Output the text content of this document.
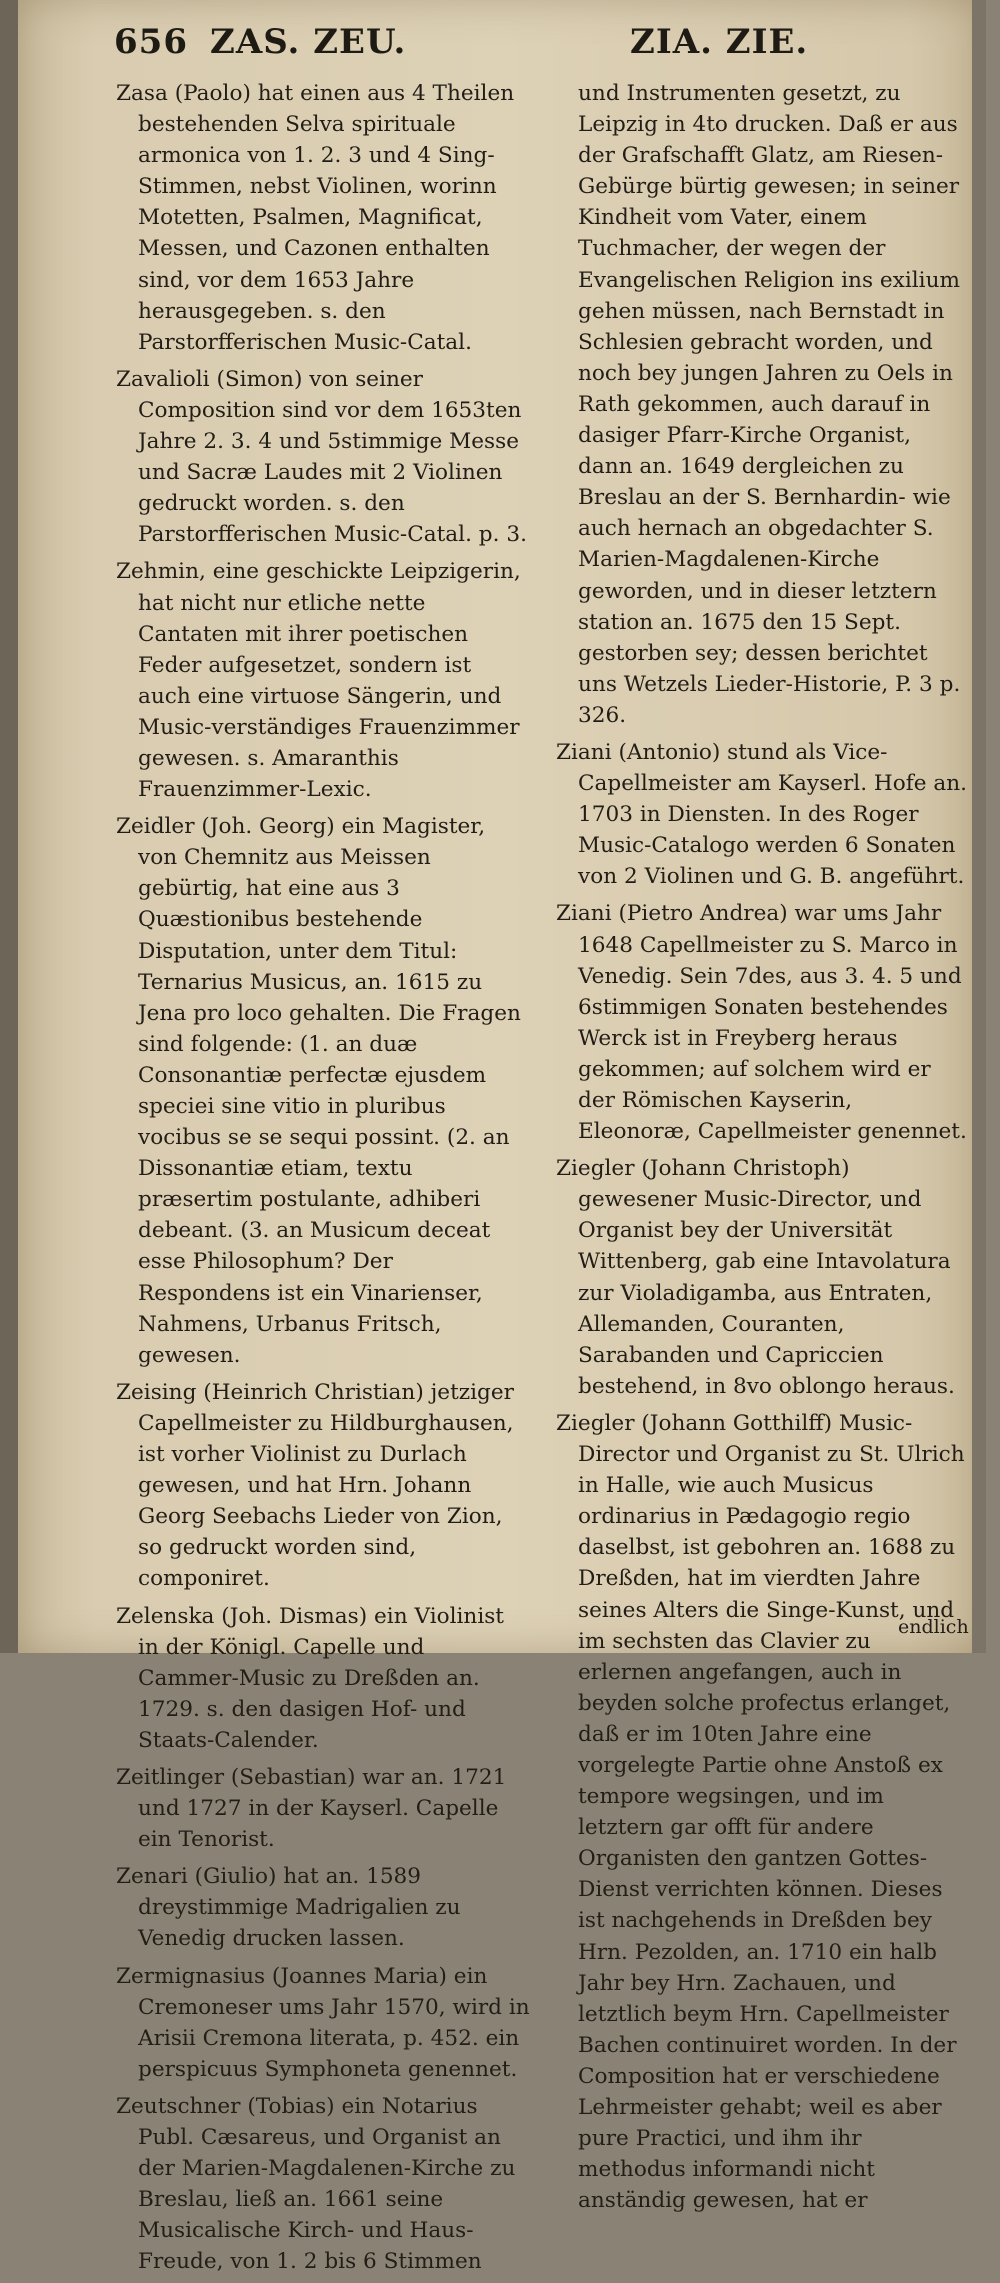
656 ZAS. ZEU.	ZIA. ZIE.

Zasa (Paolo) hat einen aus 4 Theilen bestehenden Selva spirituale armonica von 1. 2. 3 und 4 Sing-Stimmen, nebst Violinen, worinn Motetten, Psalmen, Magnificat, Messen, und Cazonen enthalten sind, vor dem 1653 Jahre herausgegeben. s. den Parstorfferischen Music-Catal.

Zavalioli (Simon) von seiner Composition sind vor dem 1653ten Jahre 2. 3. 4 und 5stimmige Messe und Sacræ Laudes mit 2 Violinen gedruckt worden. s. den Parstorfferischen Music-Catal. p. 3.

Zehmin, eine geschickte Leipzigerin, hat nicht nur etliche nette Cantaten mit ihrer poetischen Feder aufgesetzet, sondern ist auch eine virtuose Sängerin, und Music-verständiges Frauenzimmer gewesen. s. Amaranthis Frauenzimmer-Lexic.

Zeidler (Joh. Georg) ein Magister, von Chemnitz aus Meissen gebürtig, hat eine aus 3 Quæstionibus bestehende Disputation, unter dem Titul: Ternarius Musicus, an. 1615 zu Jena pro loco gehalten. Die Fragen sind folgende: (1. an duæ Consonantiæ perfectæ ejusdem speciei sine vitio in pluribus vocibus se se sequi possint. (2. an Dissonantiæ etiam, textu præsertim postulante, adhiberi debeant. (3. an Musicum deceat esse Philosophum? Der Respondens ist ein Vinarienser, Nahmens, Urbanus Fritsch, gewesen.

Zeising (Heinrich Christian) jetziger Capellmeister zu Hildburghausen, ist vorher Violinist zu Durlach gewesen, und hat Hrn. Johann Georg Seebachs Lieder von Zion, so gedruckt worden sind, componiret.

Zelenska (Joh. Dismas) ein Violinist in der Königl. Capelle und Cammer-Music zu Dreßden an. 1729. s. den dasigen Hof- und Staats-Calender.

Zeitlinger (Sebastian) war an. 1721 und 1727 in der Kayserl. Capelle ein Tenorist.

Zenari (Giulio) hat an. 1589 dreystimmige Madrigalien zu Venedig drucken lassen.

Zermignasius (Joannes Maria) ein Cremoneser ums Jahr 1570, wird in Arisii Cremona literata, p. 452. ein perspicuus Symphoneta genennet.

Zeutschner (Tobias) ein Notarius Publ. Cæsareus, und Organist an der Marien-Magdalenen-Kirche zu Breslau, ließ an. 1661 seine Musicalische Kirch- und Haus-Freude, von 1. 2 bis 6 Stimmen

und Instrumenten gesetzt, zu Leipzig in 4to drucken. Daß er aus der Grafschafft Glatz, am Riesen-Gebürge bürtig gewesen; in seiner Kindheit vom Vater, einem Tuchmacher, der wegen der Evangelischen Religion ins exilium gehen müssen, nach Bernstadt in Schlesien gebracht worden, und noch bey jungen Jahren zu Oels in Rath gekommen, auch darauf in dasiger Pfarr-Kirche Organist, dann an. 1649 dergleichen zu Breslau an der S. Bernhardin- wie auch hernach an obgedachter S. Marien-Magdalenen-Kirche geworden, und in dieser letztern station an. 1675 den 15 Sept. gestorben sey; dessen berichtet uns Wetzels Lieder-Historie, P. 3 p. 326.

Ziani (Antonio) stund als Vice-Capellmeister am Kayserl. Hofe an. 1703 in Diensten. In des Roger Music-Catalogo werden 6 Sonaten von 2 Violinen und G. B. angeführt.

Ziani (Pietro Andrea) war ums Jahr 1648 Capellmeister zu S. Marco in Venedig. Sein 7des, aus 3. 4. 5 und 6stimmigen Sonaten bestehendes Werck ist in Freyberg heraus gekommen; auf solchem wird er der Römischen Kayserin, Eleonoræ, Capellmeister genennet.

Ziegler (Johann Christoph) gewesener Music-Director, und Organist bey der Universität Wittenberg, gab eine Intavolatura zur Violadigamba, aus Entraten, Allemanden, Couranten, Sarabanden und Capriccien bestehend, in 8vo oblongo heraus.

Ziegler (Johann Gotthilff) Music-Director und Organist zu St. Ulrich in Halle, wie auch Musicus ordinarius in Pædagogio regio daselbst, ist gebohren an. 1688 zu Dreßden, hat im vierdten Jahre seines Alters die Singe-Kunst, und im sechsten das Clavier zu erlernen angefangen, auch in beyden solche profectus erlanget, daß er im 10ten Jahre eine vorgelegte Partie ohne Anstoß ex tempore wegsingen, und im letztern gar offt für andere Organisten den gantzen Gottes-Dienst verrichten können. Dieses ist nachgehends in Dreßden bey Hrn. Pezolden, an. 1710 ein halb Jahr bey Hrn. Zachauen, und letztlich beym Hrn. Capellmeister Bachen continuiret worden. In der Composition hat er verschiedene Lehrmeister gehabt; weil es aber pure Practici, und ihm ihr methodus informandi nicht anständig gewesen, hat er

endlich
